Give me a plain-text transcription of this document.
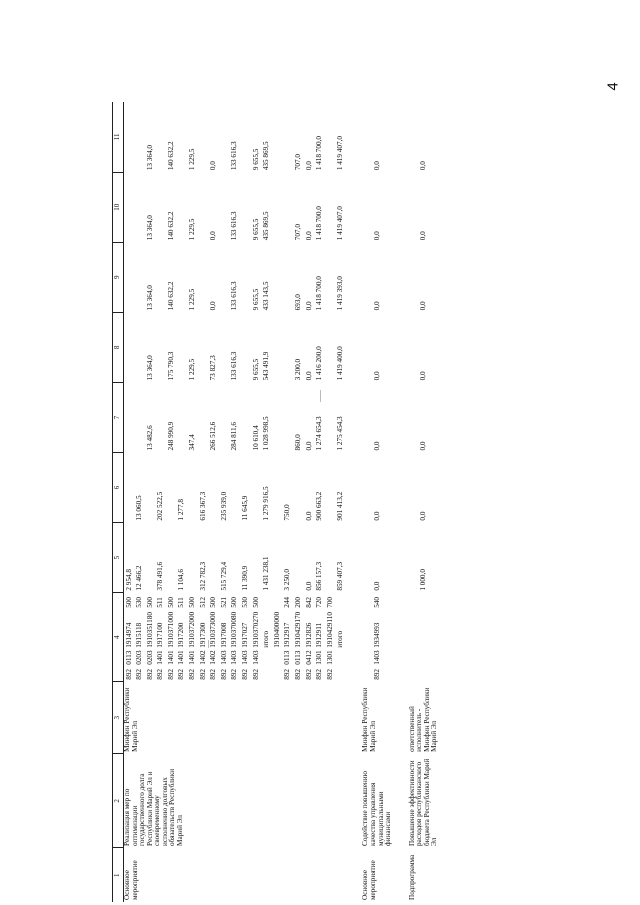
4
1	2	3	4	5	6	7	8	9	10	11
Основное мероприятие	Реализация мер по оптимизации государственного долга Республики Марий Эл и своевременному исполнению долговых обязательств Республики Марий Эл	Минфин Республики Марий Эл	89201131914974500	2 954,8						
			89202031915118530	12 466,2	13 060,5					
			89202031910351180500			13 482,6	13 364,0	13 364,0	13 364,0	13 364,0
			89214011917100511	378 491,6	202 522,5					
			89214011910371000500			248 990,9	175 790,3	140 632,2	140 632,2	140 632,2
			89214011917200511	1 104,6	1 277,8					
			89214011910372000500			347,4	1 229,5	1 229,5	1 229,5	1 229,5
			89214021917300512	312 782,3	616 367,3					
			89214021910373000500			266 512,6	73 827,3	0,0	0,0	0,0
			89214031917008521	515 729,4	235 939,0					
			89214031910370080500			284 811,6	133 616,3	133 616,3	133 616,3	133 616,3
			89214031917027530	11 390,9	11 645,9					
			89214031910370270500			10 610,4	9 655,5	9 655,5	9 655,5	9 655,5
			итого	1 431 238,1	1 279 916,5	1 028 998,5	543 491,9	433 143,5	435 869,5	435 869,5
			1910400000							
			89201131912917244	3 250,0	750,0					
			89201131910429170200			860,0	3 200,0	693,0	707,0	707,0
			89204121912826842	0,0	0,0	0,0	0,0	0,0	0,0	0,0
			89213011912911720	856 157,3	900 663,2	1 274 654,3	1 416 200,0	1 418 700,0	1 418 700,0	1 418 700,0
			89213011910429110700							
			итого	859 407,3	901 413,2	1 275 454,3	1 419 400,0	1 419 393,0	1 419 407,0	1 419 407,0
Основное мероприятие	Содействие повышению качества управления муниципальными финансами	Минфин Республики Марий Эл	89214031934993540	0,0	0,0	0,0	0,0	0,0	0,0	0,0
Подпрограмма	Повышение эффективности расходов республиканского бюджета Республики Марий Эл	ответственный исполнитель - Минфин Республики Марий Эл		1 000,0	0,0	0,0	0,0	0,0	0,0	0,0
